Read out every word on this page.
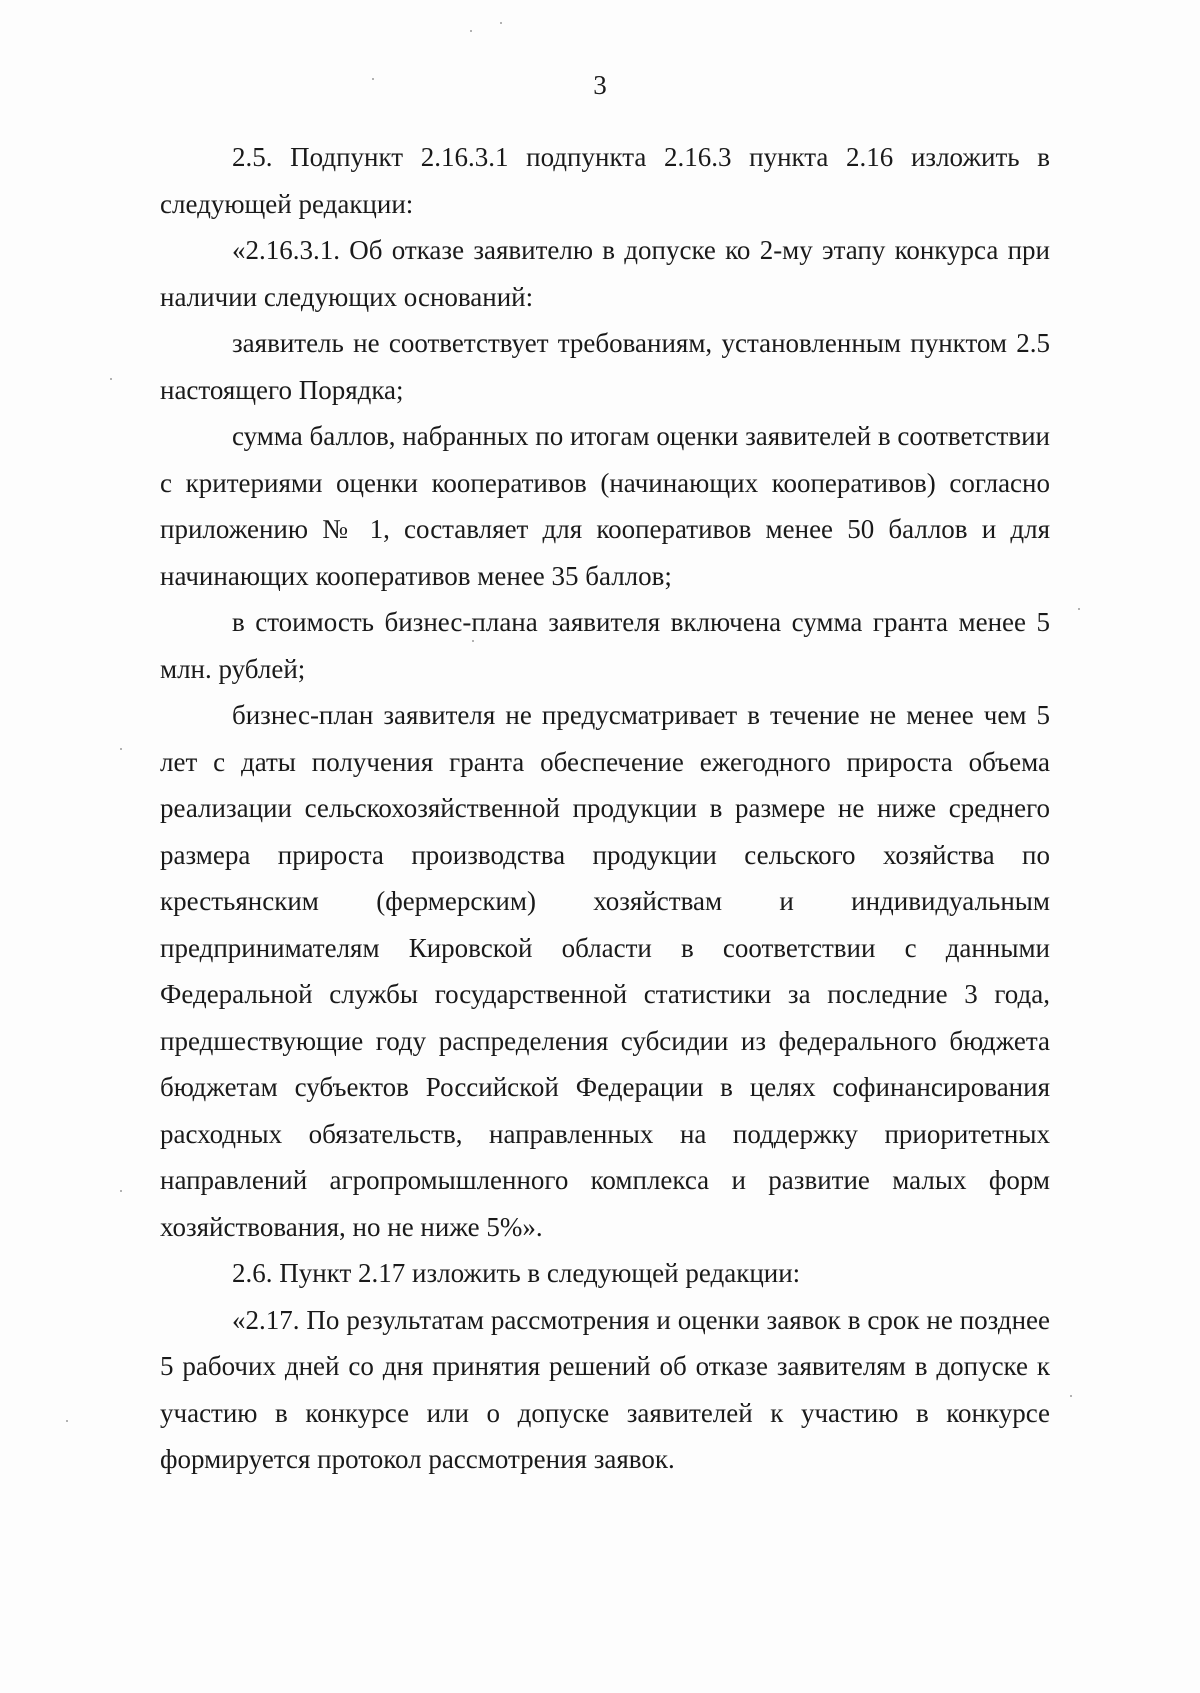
3

2.5. Подпункт 2.16.3.1 подпункта 2.16.3 пункта 2.16 изложить в следующей редакции:

«2.16.3.1. Об отказе заявителю в допуске ко 2-му этапу конкурса при наличии следующих оснований:

заявитель не соответствует требованиям, установленным пунктом 2.5 настоящего Порядка;

сумма баллов, набранных по итогам оценки заявителей в соответствии с критериями оценки кооперативов (начинающих кооперативов) согласно приложению № 1, составляет для кооперативов менее 50 баллов и для начинающих кооперативов менее 35 баллов;

в стоимость бизнес-плана заявителя включена сумма гранта менее 5 млн. рублей;

бизнес-план заявителя не предусматривает в течение не менее чем 5 лет с даты получения гранта обеспечение ежегодного прироста объема реализации сельскохозяйственной продукции в размере не ниже среднего размера прироста производства продукции сельского хозяйства по крестьянским (фермерским) хозяйствам и индивидуальным предпринимателям Кировской области в соответствии с данными Федеральной службы государственной статистики за последние 3 года, предшествующие году распределения субсидии из федерального бюджета бюджетам субъектов Российской Федерации в целях софинансирования расходных обязательств, направленных на поддержку приоритетных направлений агропромышленного комплекса и развитие малых форм хозяйствования, но не ниже 5%».

2.6. Пункт 2.17 изложить в следующей редакции:

«2.17. По результатам рассмотрения и оценки заявок в срок не позднее 5 рабочих дней со дня принятия решений об отказе заявителям в допуске к участию в конкурсе или о допуске заявителей к участию в конкурсе формируется протокол рассмотрения заявок.
